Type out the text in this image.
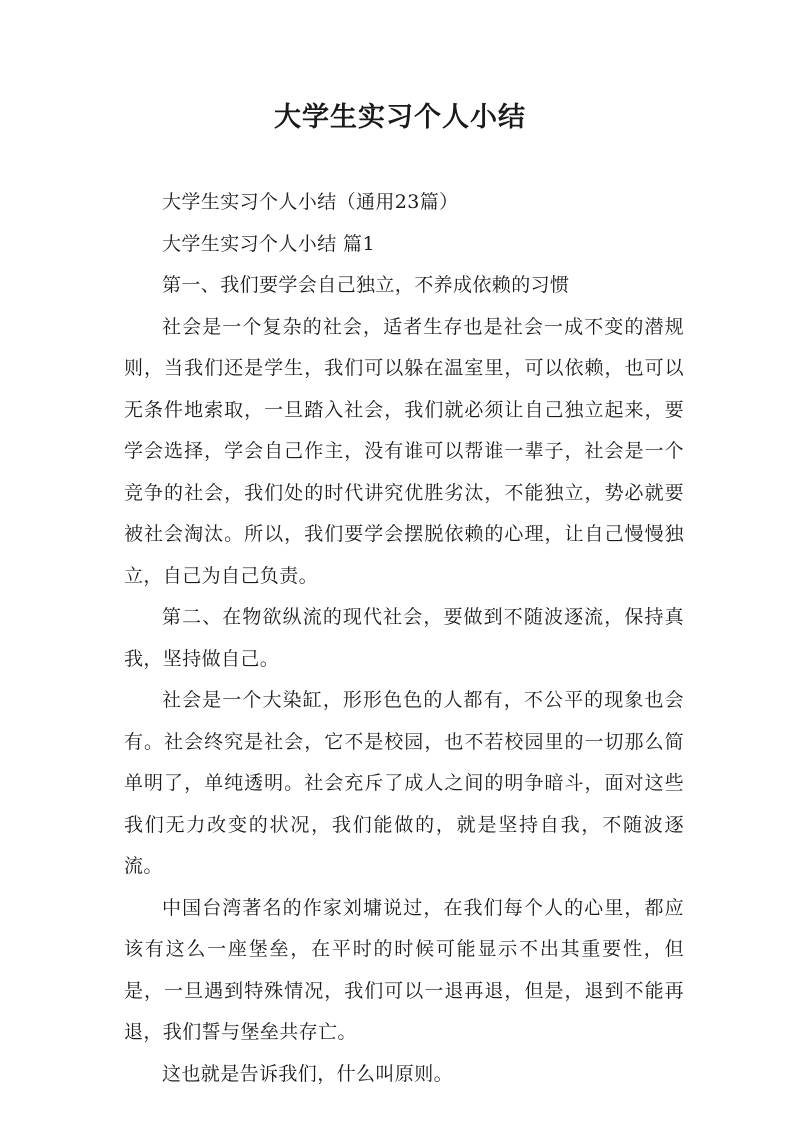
大学生实习个人小结

大学生实习个人小结（通用23篇）

大学生实习个人小结 篇1

第一、我们要学会自己独立，不养成依赖的习惯

社会是一个复杂的社会，适者生存也是社会一成不变的潜规则，当我们还是学生，我们可以躲在温室里，可以依赖，也可以无条件地索取，一旦踏入社会，我们就必须让自己独立起来，要学会选择，学会自己作主，没有谁可以帮谁一辈子，社会是一个竞争的社会，我们处的时代讲究优胜劣汰，不能独立，势必就要被社会淘汰。所以，我们要学会摆脱依赖的心理，让自己慢慢独立，自己为自己负责。

第二、在物欲纵流的现代社会，要做到不随波逐流，保持真我，坚持做自己。

社会是一个大染缸，形形色色的人都有，不公平的现象也会有。社会终究是社会，它不是校园，也不若校园里的一切那么简单明了，单纯透明。社会充斥了成人之间的明争暗斗，面对这些我们无力改变的状况，我们能做的，就是坚持自我，不随波逐流。

中国台湾著名的作家刘墉说过，在我们每个人的心里，都应该有这么一座堡垒，在平时的时候可能显示不出其重要性，但是，一旦遇到特殊情况，我们可以一退再退，但是，退到不能再退，我们誓与堡垒共存亡。

这也就是告诉我们，什么叫原则。
